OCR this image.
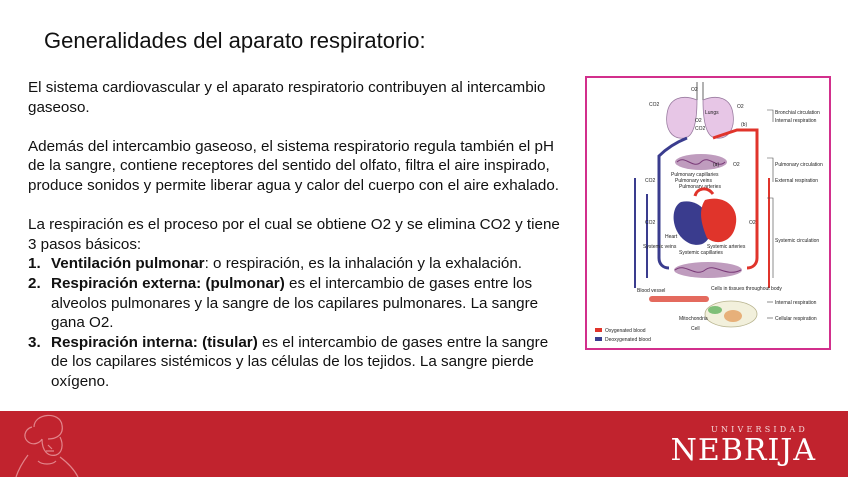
Generalidades del aparato respiratorio:

El sistema cardiovascular y el aparato respiratorio contribuyen al intercambio gaseoso.

Además del intercambio gaseoso, el sistema respiratorio regula también el pH de la sangre, contiene receptores del sentido del olfato, filtra el aire inspirado, produce sonidos y permite liberar agua y calor del cuerpo con el aire exhalado.

La respiración es el proceso por el cual se obtiene O2 y se elimina CO2 y tiene 3 pasos básicos:

1. Ventilación pulmonar: o respiración, es la inhalación y la exhalación.
2. Respiración externa: (pulmonar) es el intercambio de gases entre los alveolos pulmonares y la sangre de los capilares pulmonares. La sangre gana O2.
3. Respiración interna: (tisular) es el intercambio de gases entre la sangre de los capilares sistémicos y las células de los tejidos. La sangre pierde oxígeno.
O2
CO2	O2
Lungs
O2
CO2
(b)
(a)	O2
Pulmonary capillaries
CO2	Pulmonary veins
Pulmonary arteries
CO2
Heart
O2
Systemic veins	Systemic arteries
Systemic capillaries
Blood vessel	Cells in tissues throughout body
Mitochondria
Cell
Oxygenated blood
Deoxygenated blood
Bronchial circulation
Internal respiration
Pulmonary circulation
External respiration
Systemic circulation
Internal respiration
Cellular respiration
UNIVERSIDAD
NEBRIJA
